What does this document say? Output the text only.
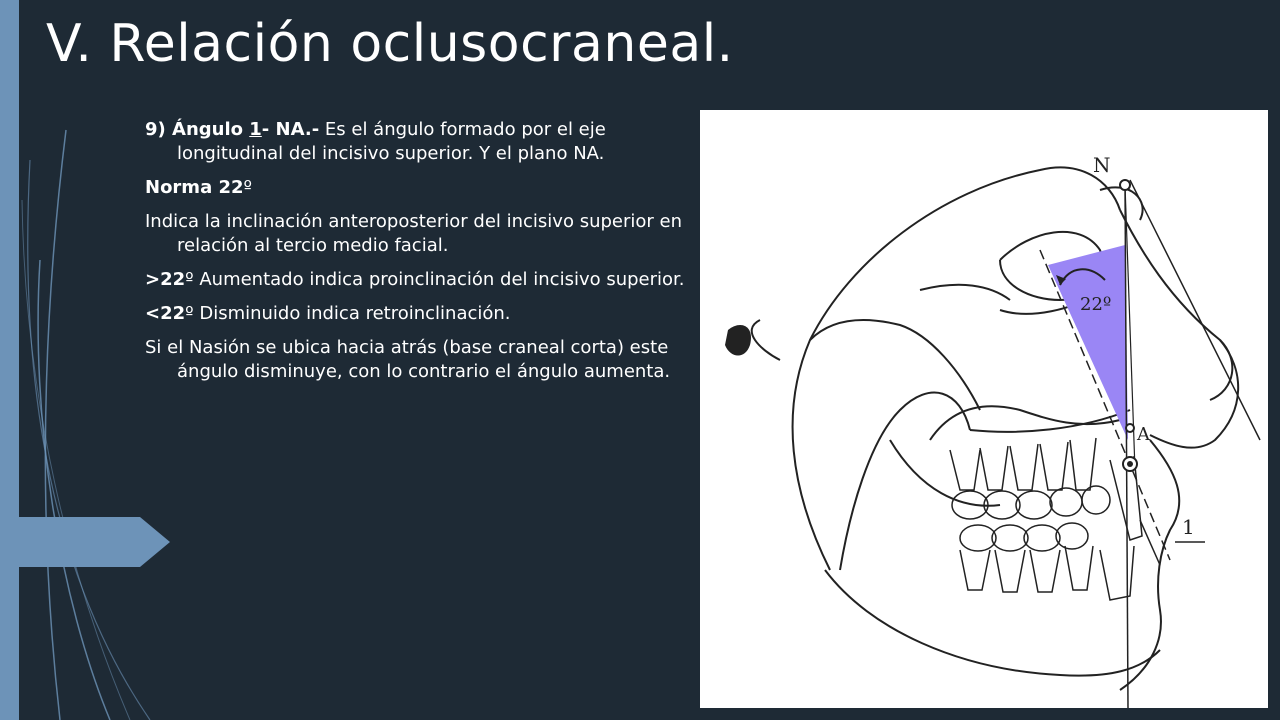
V. Relación oclusocraneal.

9) Ángulo 1- NA.- Es el ángulo formado por el eje longitudinal del incisivo superior. Y el plano NA.

Norma 22º

Indica la inclinación anteroposterior del incisivo superior en relación al tercio medio facial.

>22º Aumentado indica proinclinación del incisivo superior.

<22º Disminuido indica retroinclinación.

Si el Nasión se ubica hacia atrás (base craneal corta) este ángulo disminuye, con lo contrario el ángulo aumenta.

N
A
22º
1
